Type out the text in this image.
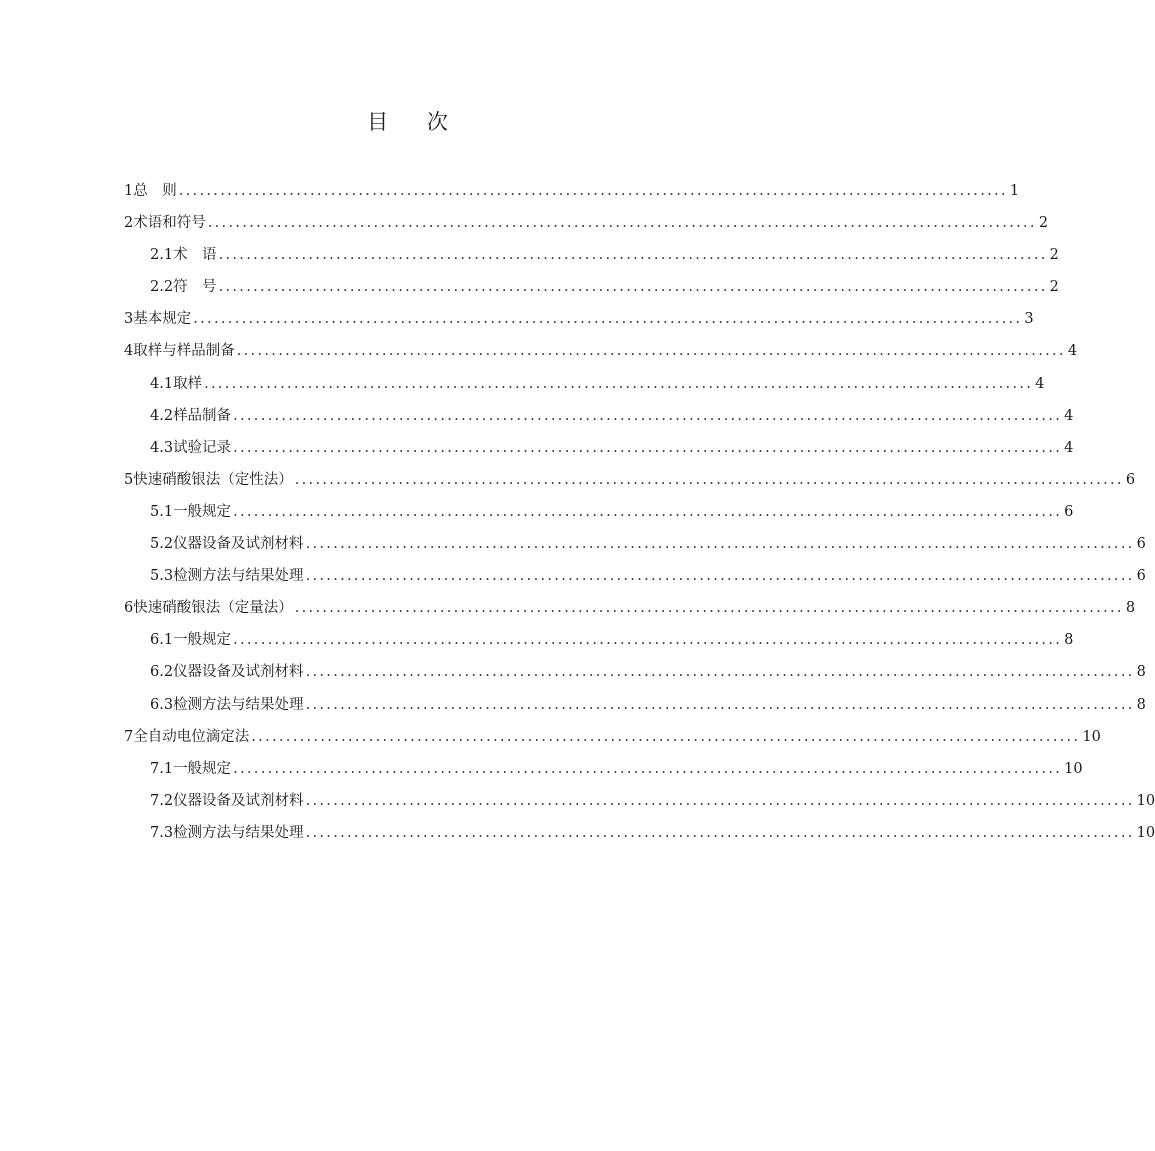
目 次
1 总　则 ........................................................................................................................ 1
2 术语和符号 ........................................................................................................................ 2
2.1 术　语 ........................................................................................................................ 2
2.2 符　号 ........................................................................................................................ 2
3 基本规定 ........................................................................................................................ 3
4 取样与样品制备 ........................................................................................................................ 4
4.1 取样 ........................................................................................................................ 4
4.2 样品制备 ........................................................................................................................ 4
4.3 试验记录 ........................................................................................................................ 4
5 快速硝酸银法（定性法） ........................................................................................................................ 6
5.1 一般规定 ........................................................................................................................ 6
5.2 仪器设备及试剂材料 ........................................................................................................................ 6
5.3 检测方法与结果处理 ........................................................................................................................ 6
6 快速硝酸银法（定量法） ........................................................................................................................ 8
6.1 一般规定 ........................................................................................................................ 8
6.2 仪器设备及试剂材料 ........................................................................................................................ 8
6.3 检测方法与结果处理 ........................................................................................................................ 8
7 全自动电位滴定法 ........................................................................................................................ 10
7.1 一般规定 ........................................................................................................................ 10
7.2 仪器设备及试剂材料 ........................................................................................................................ 10
7.3 检测方法与结果处理 ........................................................................................................................ 10
